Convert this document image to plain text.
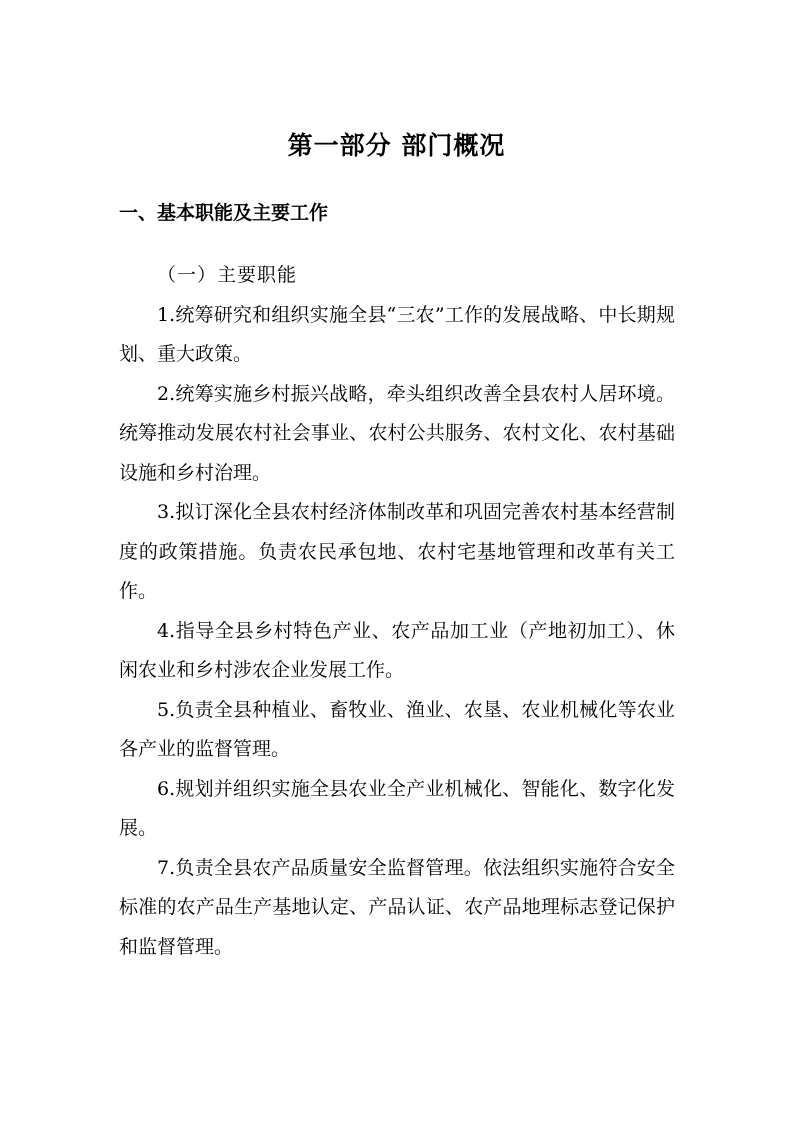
第一部分 部门概况
一、基本职能及主要工作

（一）主要职能

1.统筹研究和组织实施全县“三农”工作的发展战略、中长期规划、重大政策。

2.统筹实施乡村振兴战略，牵头组织改善全县农村人居环境。统筹推动发展农村社会事业、农村公共服务、农村文化、农村基础设施和乡村治理。

3.拟订深化全县农村经济体制改革和巩固完善农村基本经营制度的政策措施。负责农民承包地、农村宅基地管理和改革有关工作。

4.指导全县乡村特色产业、农产品加工业（产地初加工）、休闲农业和乡村涉农企业发展工作。

5.负责全县种植业、畜牧业、渔业、农垦、农业机械化等农业各产业的监督管理。

6.规划并组织实施全县农业全产业机械化、智能化、数字化发展。

7.负责全县农产品质量安全监督管理。依法组织实施符合安全标准的农产品生产基地认定、产品认证、农产品地理标志登记保护和监督管理。
